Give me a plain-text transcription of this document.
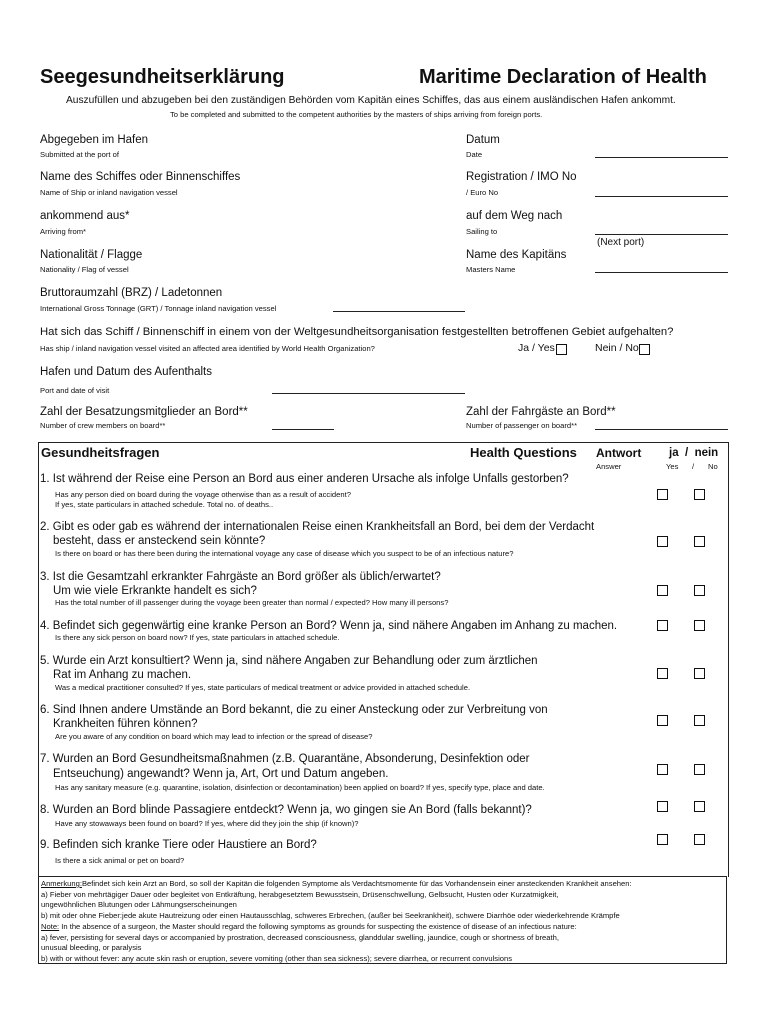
Seegesundheitserklärung	Maritime Declaration of Health
Auszufüllen und abzugeben bei den zuständigen Behörden vom Kapitän eines Schiffes, das aus einem ausländischen Hafen ankommt.
To be completed and submitted to the competent authorities by the masters of ships arriving from foreign ports.
Abgegeben im Hafen
Submitted at the port of
Datum
Date
Name des Schiffes oder Binnenschiffes
Name of Ship or inland navigation vessel
Registration / IMO No
/ Euro No
ankommend aus*
Arriving from*
auf dem Weg nach
Sailing to
(Next port)
Nationalität / Flagge
Nationality / Flag of vessel
Name des Kapitäns
Masters Name
Bruttoraumzahl (BRZ) / Ladetonnen
International Gross Tonnage (GRT) / Tonnage inland navigation vessel
Hat sich das Schiff / Binnenschiff in einem von der Weltgesundheitsorganisation festgestellten betroffenen Gebiet aufgehalten?
Has ship / inland navigation vessel visited an affected area identified by World Health Organization?	Ja / Yes	Nein / No
Hafen und Datum des Aufenthalts
Port and date of visit
Zahl der Besatzungsmitglieder an Bord**
Number of crew members on board**
Zahl der Fahrgäste an Bord**
Number of passenger on board**
Gesundheitsfragen	Health Questions Antwort
Answer
ja  /  nein
Yes / No
1. Ist während der Reise eine Person an Bord aus einer anderen Ursache als infolge Unfalls gestorben?
Has any person died on board during the voyage otherwise than as a result of accident?
If yes, state particulars in attached schedule. Total no. of deaths..
2. Gibt es oder gab es während der internationalen Reise einen Krankheitsfall an Bord, bei dem der Verdacht
besteht, dass er ansteckend sein könnte?
Is there on board or has there been during the international voyage any case of disease which you suspect to be of an infectious nature?
3. Ist die Gesamtzahl erkrankter Fahrgäste an Bord größer als üblich/erwartet?
Um wie viele Erkrankte handelt es sich?
Has the total number of ill passenger during the voyage been greater than normal / expected? How many ill persons?
4. Befindet sich gegenwärtig eine kranke Person an Bord? Wenn ja, sind nähere Angaben im Anhang zu machen.
Is there any sick person on board now? If yes, state particulars in attached schedule.
5. Wurde ein Arzt konsultiert? Wenn ja, sind nähere Angaben zur Behandlung oder zum ärztlichen
Rat im Anhang zu machen.
Was a medical practitioner consulted? If yes, state particulars of medical treatment or advice provided in attached schedule.
6. Sind Ihnen andere Umstände an Bord bekannt, die zu einer Ansteckung oder zur Verbreitung von
Krankheiten führen können?
Are you aware of any condition on board which may lead to infection or the spread of disease?
7. Wurden an Bord Gesundheitsmaßnahmen (z.B. Quarantäne, Absonderung, Desinfektion oder
Entseuchung) angewandt? Wenn ja, Art, Ort und Datum angeben.
Has any sanitary measure (e.g. quarantine, isolation, disinfection or decontamination) been applied on board? If yes, specify type, place and date.
8. Wurden an Bord blinde Passagiere entdeckt? Wenn ja, wo gingen sie An Bord (falls bekannt)?
Have any stowaways been found on board? If yes, where did they join the ship (if known)?
9. Befinden sich kranke Tiere oder Haustiere an Bord?
Is there a sick animal or pet on board?
Anmerkung:Befindet sich kein Arzt an Bord, so soll der Kapitän die folgenden Symptome als Verdachtsmomente für das Vorhandensein einer ansteckenden Krankheit ansehen:
a) Fieber von mehrtägiger Dauer oder begleitet von Entkräftung, herabgesetztem Bewusstsein, Drüsenschwellung, Gelbsucht, Husten oder Kurzatmigkeit,
ungewöhnlichen Blutungen oder Lähmungserscheinungen
b) mit oder ohne Fieber:jede akute Hautreizung oder einen Hautausschlag, schweres Erbrechen, (außer bei Seekrankheit), schwere Diarrhöe oder wiederkehrende Krämpfe
Note: In the absence of a surgeon, the Master should regard the following symptoms as grounds for suspecting the existence of disease of an infectious nature:
a) fever, persisting for several days or accompanied by prostration, decreased consciousness, glanddular swelling, jaundice, cough or shortness of breath,
unusual bleeding, or paralysis
b) with or without fever: any acute skin rash or eruption, severe vomiting (other than sea sickness); severe diarrhea, or recurrent convulsions
